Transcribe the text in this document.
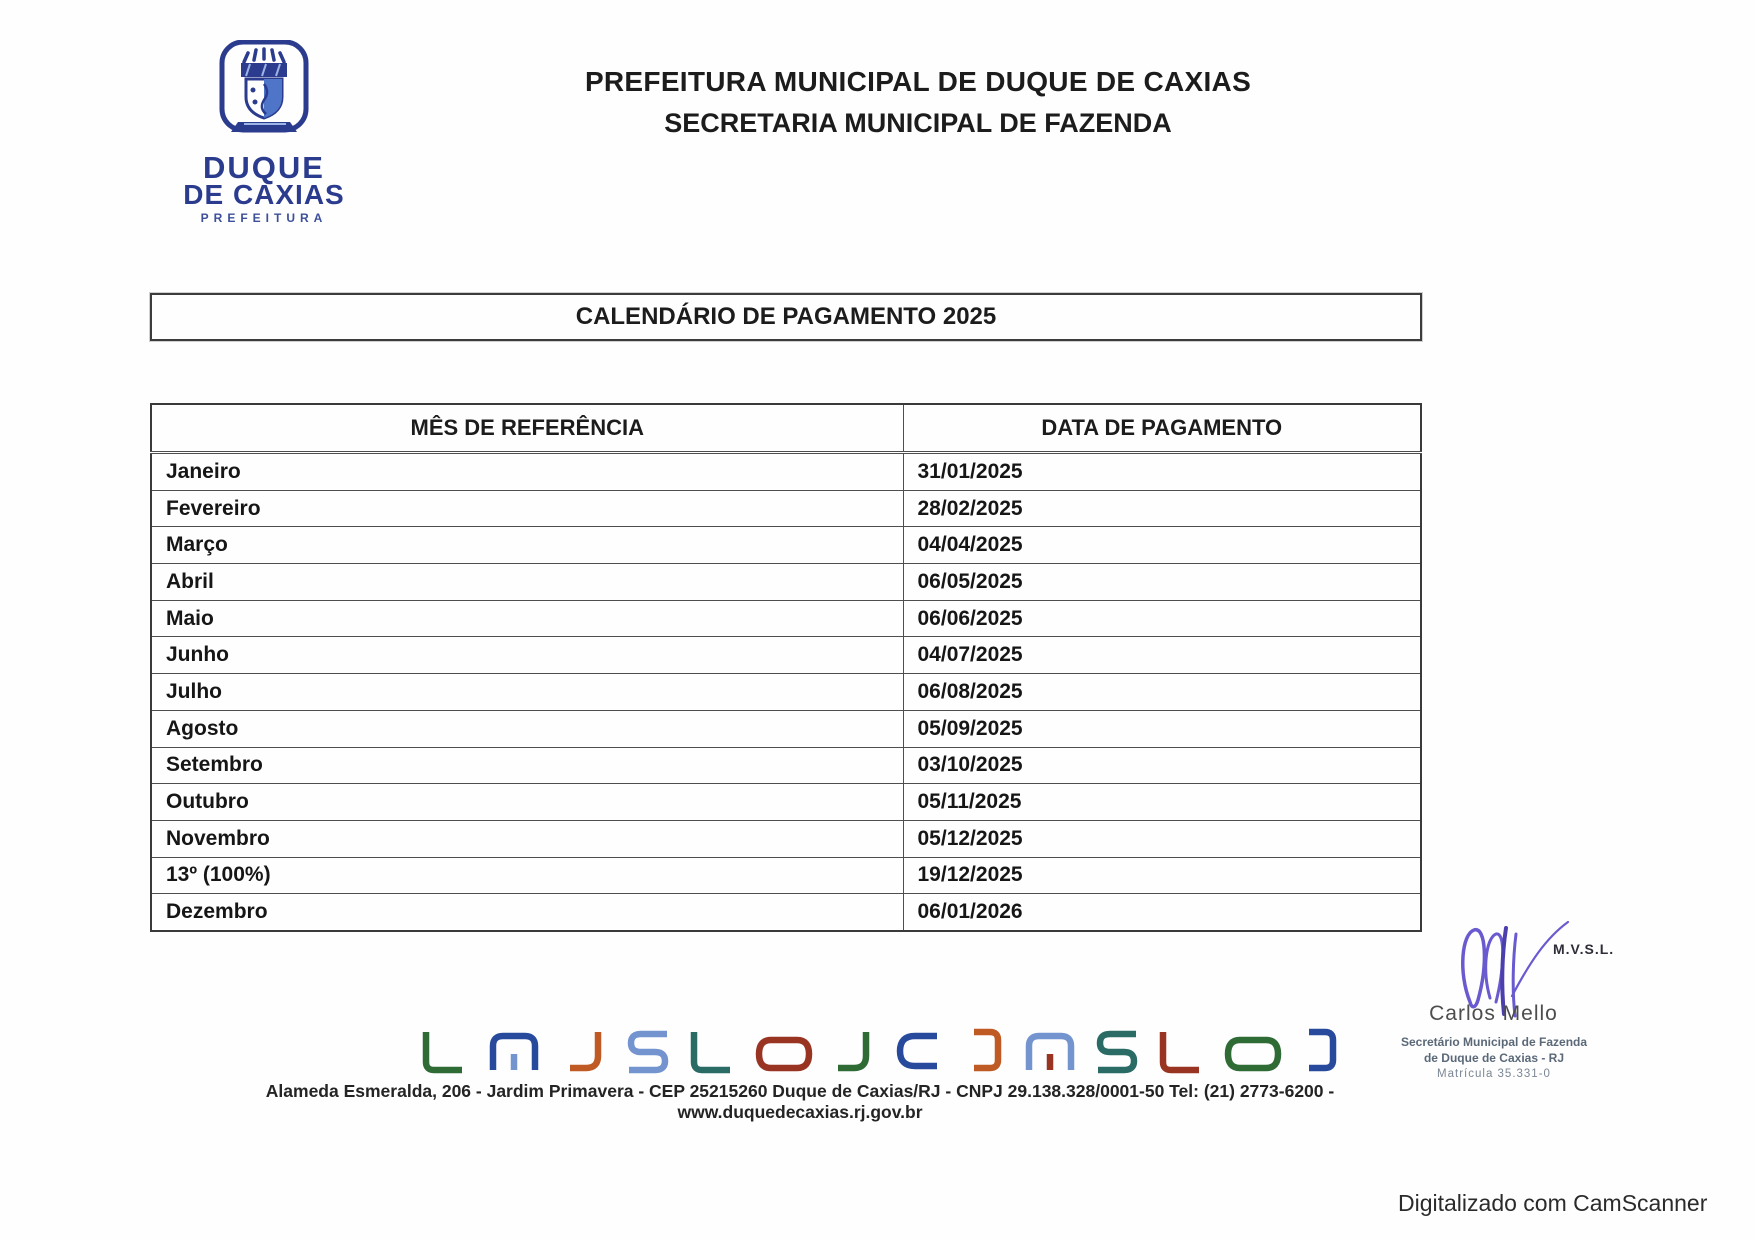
DUQUE
DE CAXIAS
PREFEITURA
PREFEITURA MUNICIPAL DE DUQUE DE CAXIAS
SECRETARIA MUNICIPAL DE FAZENDA
CALENDÁRIO DE PAGAMENTO 2025
MÊS DE REFERÊNCIA	DATA DE PAGAMENTO
Janeiro	31/01/2025
Fevereiro	28/02/2025
Março	04/04/2025
Abril	06/05/2025
Maio	06/06/2025
Junho	04/07/2025
Julho	06/08/2025
Agosto	05/09/2025
Setembro	03/10/2025
Outubro	05/11/2025
Novembro	05/12/2025
13º (100%)	19/12/2025
Dezembro	06/01/2026
M.V.S.L.
Carlos Mello
Secretário Municipal de Fazenda
de Duque de Caxias - RJ
Matrícula 35.331-0
Alameda Esmeralda, 206 - Jardim Primavera - CEP 25215260 Duque de Caxias/RJ - CNPJ 29.138.328/0001-50 Tel: (21) 2773-6200 - www.duquedecaxias.rj.gov.br
Digitalizado com CamScanner
